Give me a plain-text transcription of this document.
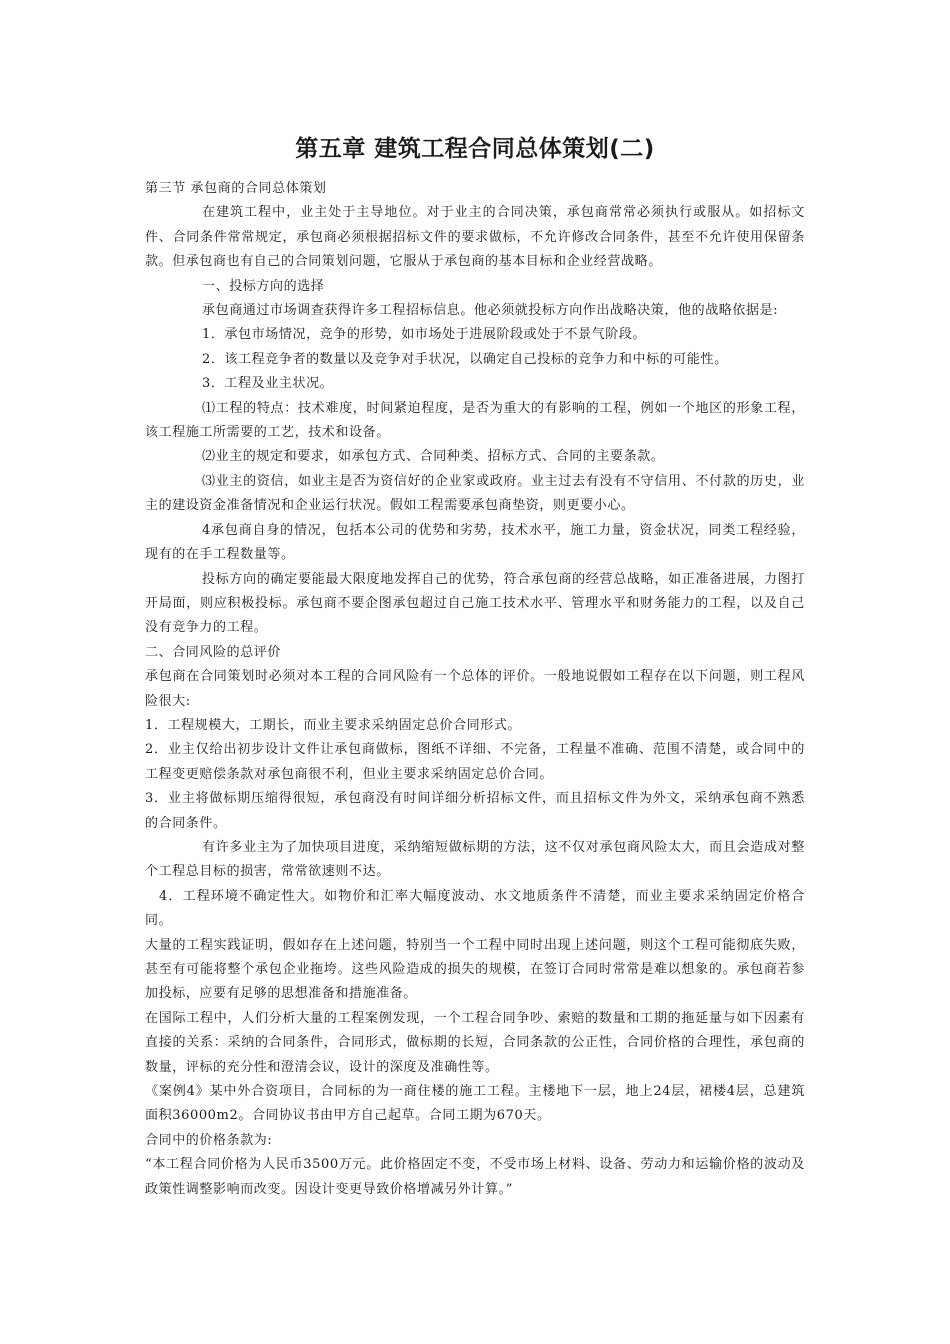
第五章 建筑工程合同总体策划(二)

第三节 承包商的合同总体策划

在建筑工程中，业主处于主导地位。对于业主的合同决策，承包商常常必须执行或服从。如招标文件、合同条件常常规定，承包商必须根据招标文件的要求做标，不允许修改合同条件，甚至不允许使用保留条款。但承包商也有自己的合同策划问题，它服从于承包商的基本目标和企业经营战略。

一、投标方向的选择

承包商通过市场调查获得许多工程招标信息。他必须就投标方向作出战略决策，他的战略依据是:

1．承包市场情况，竞争的形势，如市场处于进展阶段或处于不景气阶段。

2．该工程竞争者的数量以及竞争对手状况，以确定自己投标的竞争力和中标的可能性。

3．工程及业主状况。

⑴工程的特点：技术难度，时间紧迫程度，是否为重大的有影响的工程，例如一个地区的形象工程，该工程施工所需要的工艺，技术和设备。

⑵业主的规定和要求，如承包方式、合同种类、招标方式、合同的主要条款。

⑶业主的资信，如业主是否为资信好的企业家或政府。业主过去有没有不守信用、不付款的历史，业主的建设资金准备情况和企业运行状况。假如工程需要承包商垫资，则更要小心。

4承包商自身的情况，包括本公司的优势和劣势，技术水平，施工力量，资金状况，同类工程经验，现有的在手工程数量等。

投标方向的确定要能最大限度地发挥自己的优势，符合承包商的经营总战略，如正准备进展，力图打开局面，则应积极投标。承包商不要企图承包超过自己施工技术水平、管理水平和财务能力的工程，以及自己没有竞争力的工程。

二、合同风险的总评价

承包商在合同策划时必须对本工程的合同风险有一个总体的评价。一般地说假如工程存在以下问题，则工程风险很大:

1．工程规模大，工期长，而业主要求采纳固定总价合同形式。

2．业主仅给出初步设计文件让承包商做标，图纸不详细、不完备，工程量不准确、范围不清楚，或合同中的工程变更赔偿条款对承包商很不利，但业主要求采纳固定总价合同。

3．业主将做标期压缩得很短，承包商没有时间详细分析招标文件，而且招标文件为外文，采纳承包商不熟悉的合同条件。

有许多业主为了加快项目进度，采纳缩短做标期的方法，这不仅对承包商风险太大，而且会造成对整个工程总目标的损害，常常欲速则不达。

4．工程环境不确定性大。如物价和汇率大幅度波动、水文地质条件不清楚，而业主要求采纳固定价格合同。

大量的工程实践证明，假如存在上述问题，特别当一个工程中同时出现上述问题，则这个工程可能彻底失败，甚至有可能将整个承包企业拖垮。这些风险造成的损失的规模，在签订合同时常常是难以想象的。承包商若参加投标，应要有足够的思想准备和措施准备。

在国际工程中，人们分析大量的工程案例发现，一个工程合同争吵、索赔的数量和工期的拖延量与如下因素有直接的关系：采纳的合同条件，合同形式，做标期的长短，合同条款的公正性，合同价格的合理性，承包商的数量，评标的充分性和澄清会议，设计的深度及准确性等。

《案例4》某中外合资项目，合同标的为一商住楼的施工工程。主楼地下一层，地上24层，裙楼4层，总建筑面积36000m2。合同协议书由甲方自己起草。合同工期为670天。

合同中的价格条款为:

“本工程合同价格为人民币3500万元。此价格固定不变，不受市场上材料、设备、劳动力和运输价格的波动及政策性调整影响而改变。因设计变更导致价格增减另外计算。”
